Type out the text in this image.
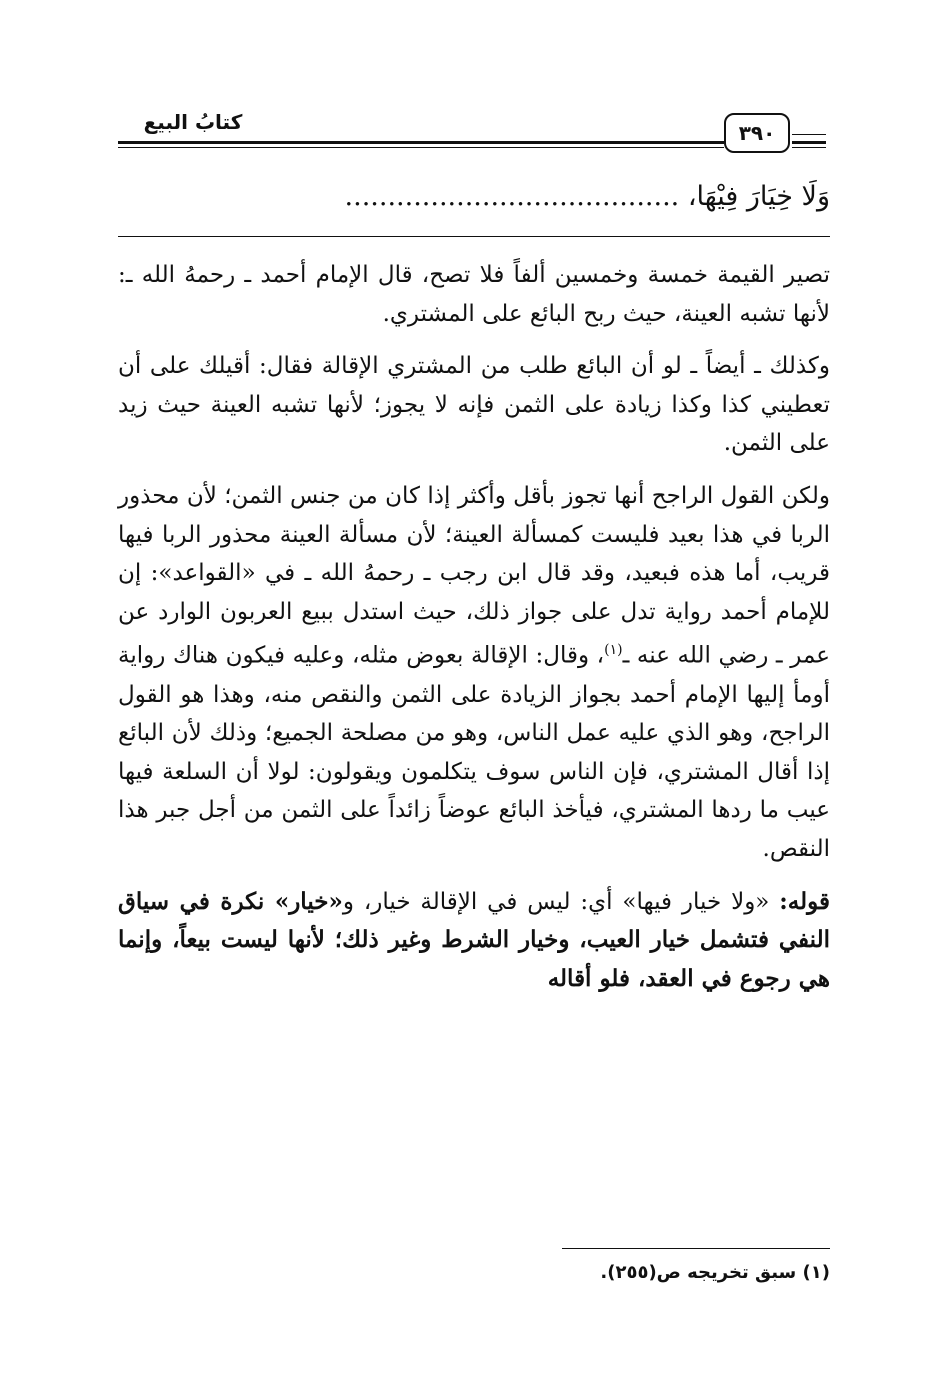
كتابُ البيع	٣٩٠
وَلَا خِيَارَ فِيْهَا، .......................................

تصير القيمة خمسة وخمسين ألفاً فلا تصح، قال الإمام أحمد ـ رحمهُ الله ـ: لأنها تشبه العينة، حيث ربح البائع على المشتري.

وكذلك ـ أيضاً ـ لو أن البائع طلب من المشتري الإقالة فقال: أقيلك على أن تعطيني كذا وكذا زيادة على الثمن فإنه لا يجوز؛ لأنها تشبه العينة حيث زيد على الثمن.

ولكن القول الراجح أنها تجوز بأقل وأكثر إذا كان من جنس الثمن؛ لأن محذور الربا في هذا بعيد فليست كمسألة العينة؛ لأن مسألة العينة محذور الربا فيها قريب، أما هذه فبعيد، وقد قال ابن رجب ـ رحمهُ الله ـ في «القواعد»: إن للإمام أحمد رواية تدل على جواز ذلك، حيث استدل ببيع العربون الوارد عن عمر ـ رضي الله عنه ـ$^{(١)}$، وقال: الإقالة بعوض مثله، وعليه فيكون هناك رواية أومأ إليها الإمام أحمد بجواز الزيادة على الثمن والنقص منه، وهذا هو القول الراجح، وهو الذي عليه عمل الناس، وهو من مصلحة الجميع؛ وذلك لأن البائع إذا أقال المشتري، فإن الناس سوف يتكلمون ويقولون: لولا أن السلعة فيها عيب ما ردها المشتري، فيأخذ البائع عوضاً زائداً على الثمن من أجل جبر هذا النقص.

قوله: «ولا خيار فيها» أي: ليس في الإقالة خيار، و«خيار» نكرة في سياق النفي فتشمل خيار العيب، وخيار الشرط وغير ذلك؛ لأنها ليست بيعاً، وإنما هي رجوع في العقد، فلو أقاله

(١) سبق تخريجه ص(٢٥٥).
